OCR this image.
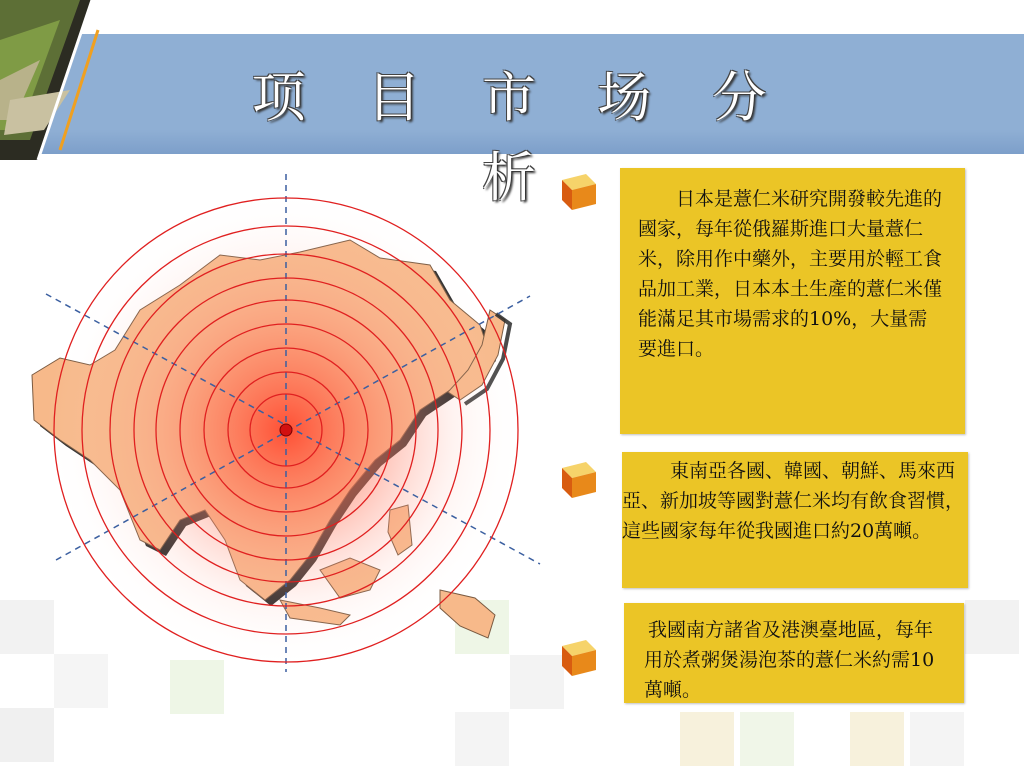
项 目 市 场 分 析	日本是薏仁米研究開發較先進的國家，每年從俄羅斯進口大量薏仁米，除用作中藥外，主要用於輕工食品加工業，日本本土生產的薏仁米僅能滿足其市場需求的10%，大量需要進口。

東南亞各國、韓國、朝鮮、馬來西亞、新加坡等國對薏仁米均有飲食習慣，這些國家每年從我國進口約20萬噸。

我國南方諸省及港澳臺地區，每年用於煮粥煲湯泡茶的薏仁米約需10萬噸。
